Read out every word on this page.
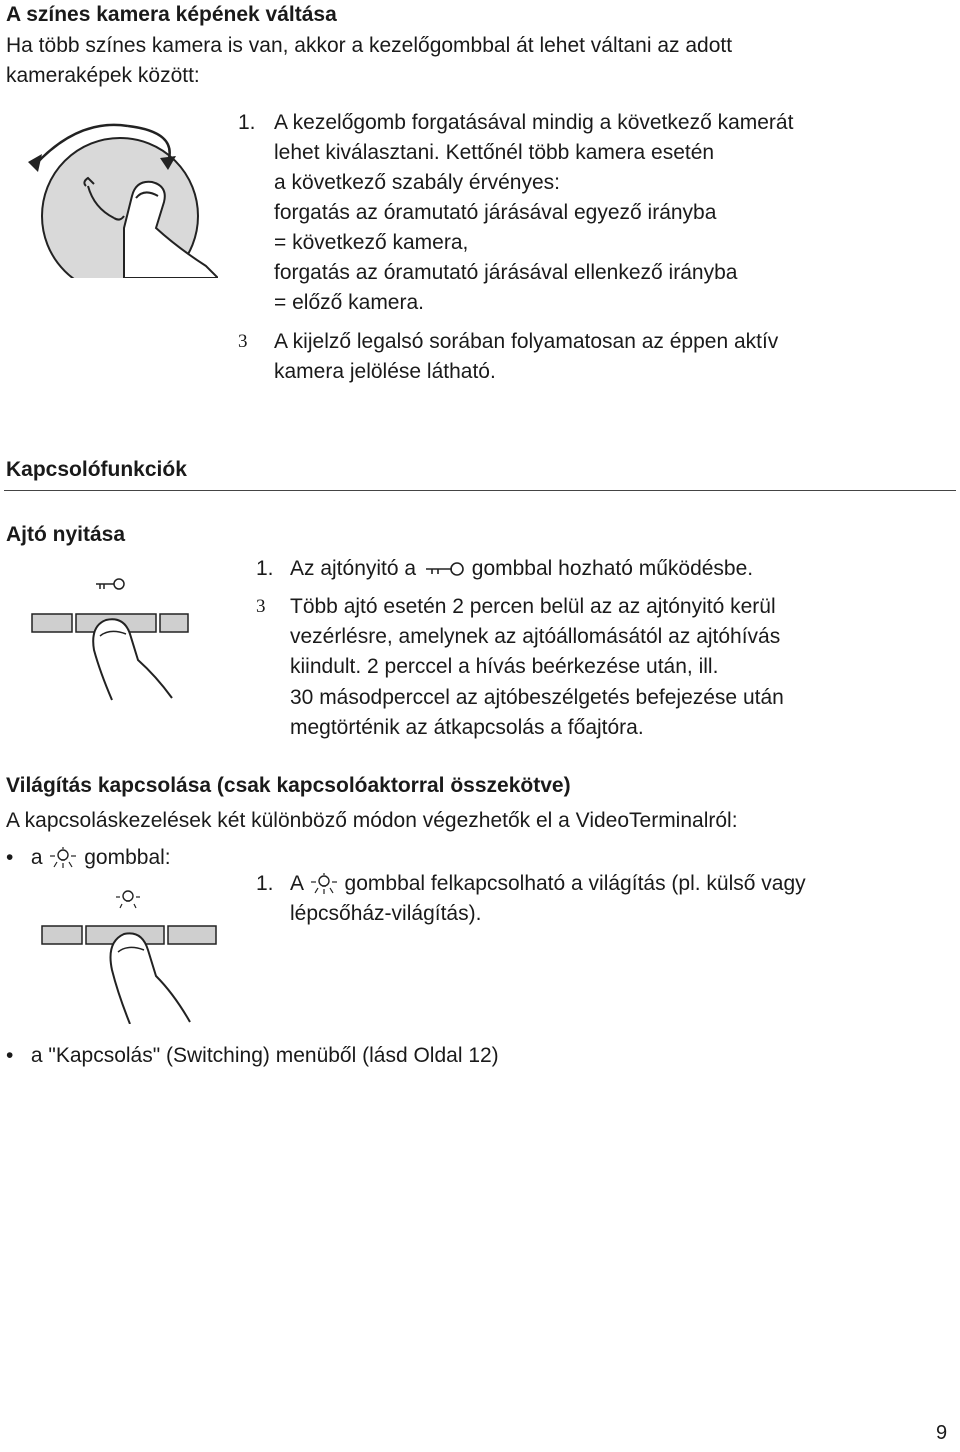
A színes kamera képének váltása
Ha több színes kamera is van, akkor a kezelőgombbal át lehet váltani az adott
kameraképek között:
1. A kezelőgomb forgatásával mindig a következő kamerát
lehet kiválasztani. Kettőnél több kamera esetén
a következő szabály érvényes:
forgatás az óramutató járásával egyező irányba
= következő kamera,
forgatás az óramutató járásával ellenkező irányba
= előző kamera.
3 A kijelző legalsó sorában folyamatosan az éppen aktív
kamera jelölése látható.
Kapcsolófunkciók
Ajtó nyitása
1. Az ajtónyitó a	gombbal hozható működésbe.
3 Több ajtó esetén 2 percen belül az az ajtónyitó kerül
vezérlésre, amelynek az ajtóállomásától az ajtóhívás
kiindult. 2 perccel a hívás beérkezése után, ill.
30 másodperccel az ajtóbeszélgetés befejezése után
megtörténik az átkapcsolás a főajtóra.
Világítás kapcsolása (csak kapcsolóaktorral összekötve)
A kapcsoláskezelések két különböző módon végezhetők el a VideoTerminalról:
•   a gombbal:
1. A gombbal felkapcsolható a világítás (pl. külső vagy
lépcsőház-világítás).
•   a "Kapcsolás" (Switching) menüből (lásd Oldal 12)
9
